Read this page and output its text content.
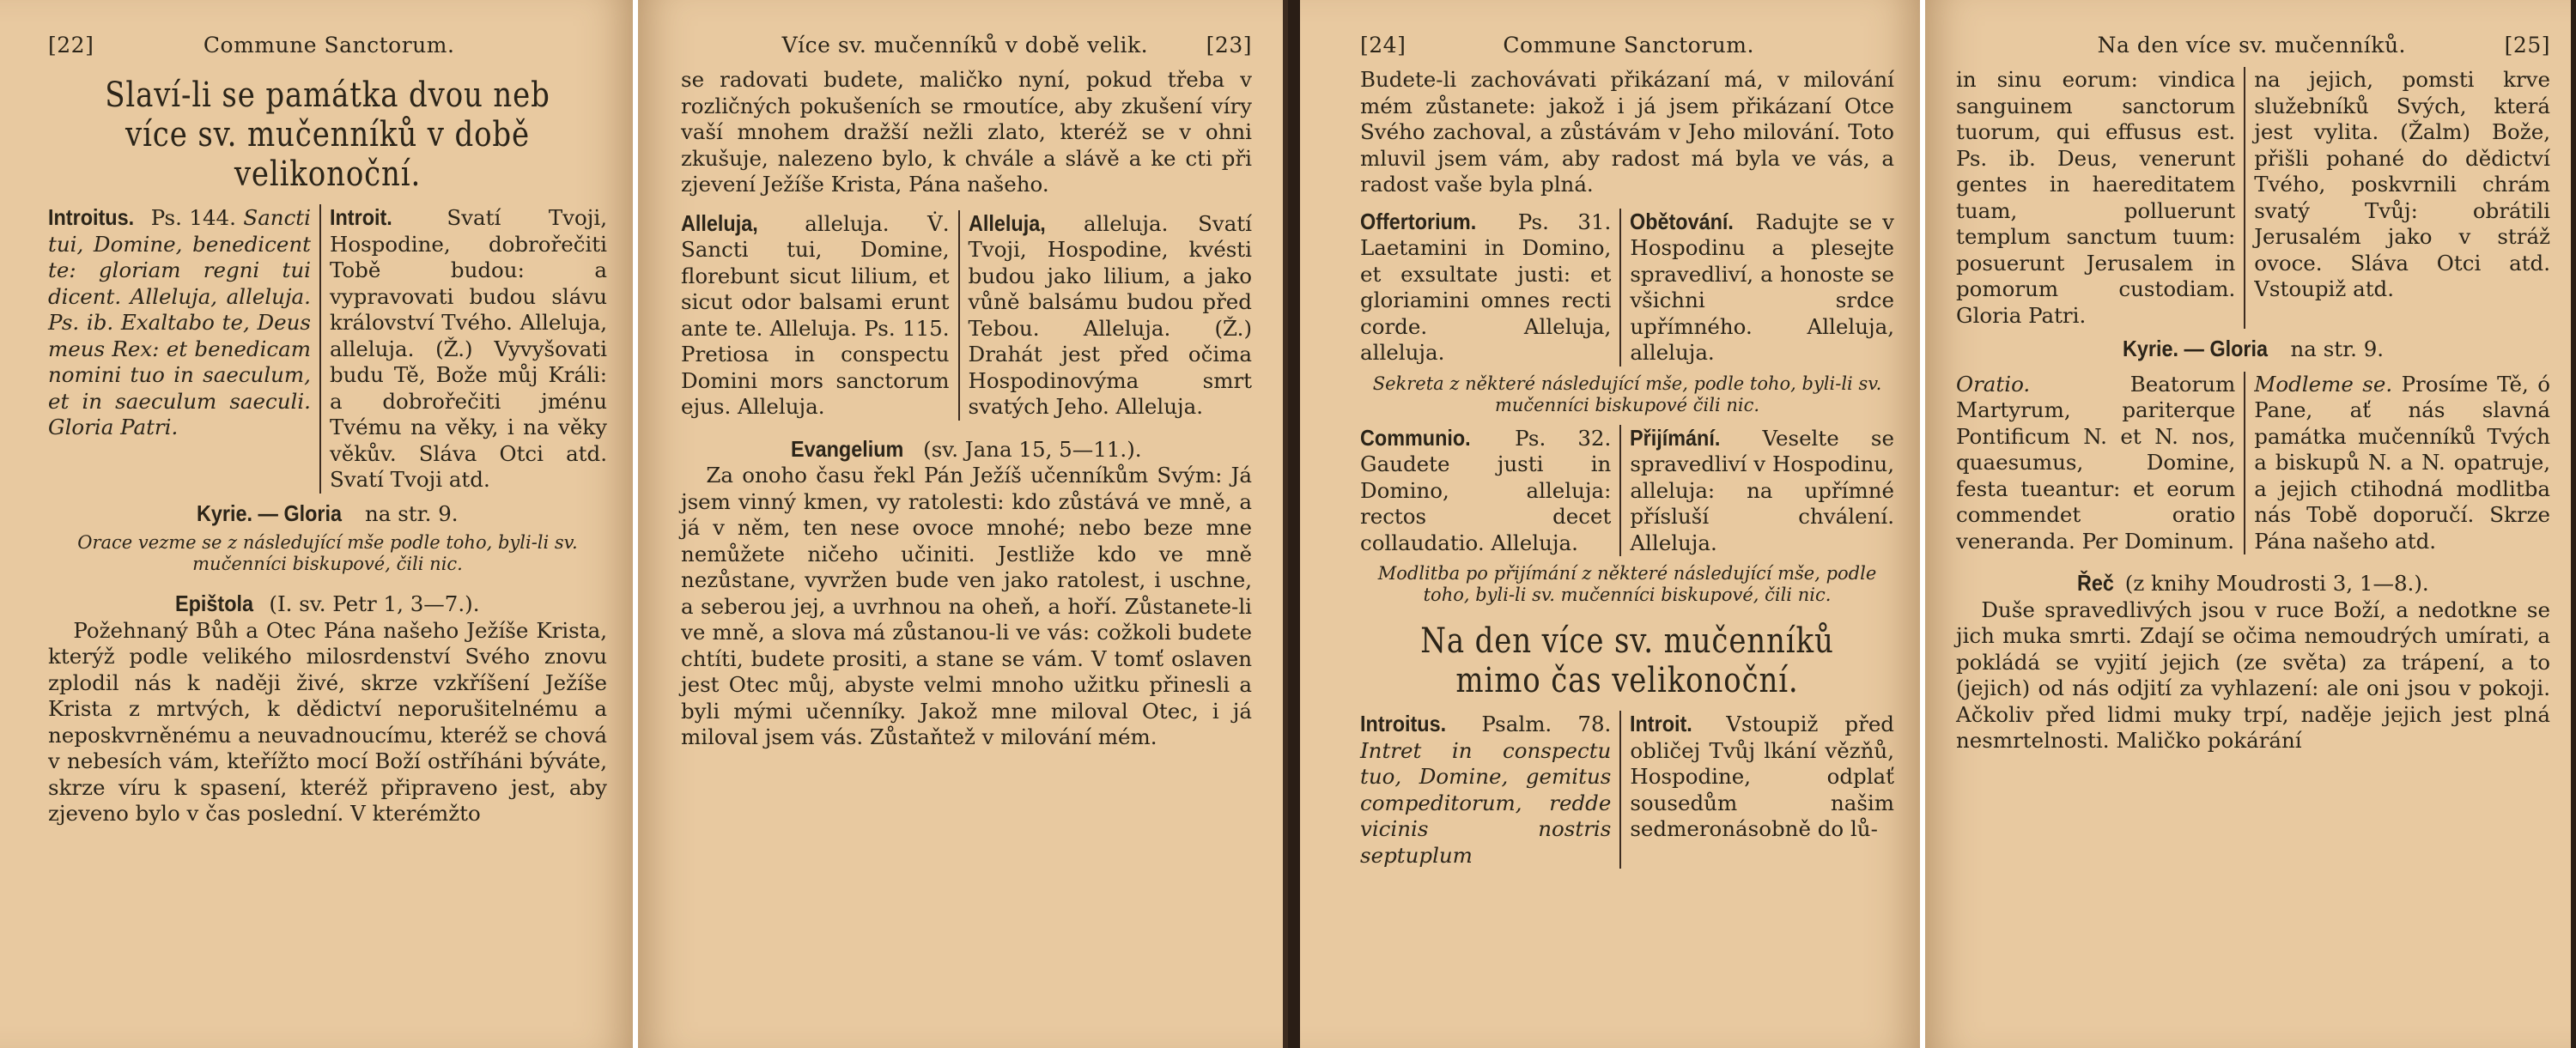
[22]	Commune Sanctorum.
Slaví-li se památka dvou neb více sv. mučenníků v době velikonoční.
Introitus. Ps. 144. Sancti tui, Domine, benedicent te: gloriam regni tui dicent. Alleluja, alleluja. Ps. ib. Exaltabo te, Deus meus Rex: et benedicam nomini tuo in saeculum, et in saeculum saeculi. Gloria Patri.
Introit.	Svatí Tvoji, Hospodine, dobrořečiti Tobě budou: a vypravovati budou slávu království Tvého. Alleluja, alleluja. (Ž.) Vyvyšovati budu Tě, Bože můj Králi: a dobrořečiti jménu Tvému na věky, i na věky věkův. Sláva Otci atd. Svatí Tvoji atd.
Kyrie. — Gloria na str. 9.
Orace vezme se z následující mše podle toho, byli-li sv. mučenníci biskupové, čili nic.
Epištola (I. sv. Petr 1, 3—7.).

Požehnaný Bůh a Otec Pána našeho Ježíše Krista, kterýž podle velikého milosrdenství Svého znovu zplodil nás k naději živé, skrze vzkříšení Ježíše Krista z mrtvých, k dědictví neporušitelnému a neposkvrněnému a neuvadnoucímu, kteréž se chová v nebesích vám, kteřížto mocí Boží ostříháni býváte, skrze víru k spasení, kteréž připraveno jest, aby zjeveno bylo v čas poslední. V kterémžto

Více sv. mučenníků v době velik.	[23]

se radovati budete, maličko nyní, pokud třeba v rozličných pokušeních se rmoutíce, aby zkušení víry vaší mnohem dražší nežli zlato, kteréž se v ohni zkušuje, nalezeno bylo, k chvále a slávě a ke cti při zjevení Ježíše Krista, Pána našeho.

Alleluja, alleluja. V̇. Sancti tui, Domine, florebunt sicut lilium, et sicut odor balsami erunt ante te. Alleluja. Ps. 115. Pretiosa in conspectu Domini mors sanctorum ejus. Alleluja.
Alleluja, alleluja. Svatí Tvoji, Hospodine, kvésti budou jako lilium, a jako vůně balsámu budou před Tebou. Alleluja. (Ž.) Drahát jest před očima Hospodinovýma smrt svatých Jeho. Alleluja.
Evangelium (sv. Jana 15, 5—11.).

Za onoho času řekl Pán Ježíš učenníkům Svým: Já jsem vinný kmen, vy ratolesti: kdo zůstává ve mně, a já v něm, ten nese ovoce mnohé; nebo beze mne nemůžete ničeho učiniti. Jestliže kdo ve mně nezůstane, vyvržen bude ven jako ratolest, i uschne, a seberou jej, a uvrhnou na oheň, a hoří. Zůstanete-li ve mně, a slova má zůstanou-li ve vás: cožkoli budete chtíti, budete prositi, a stane se vám. V tomť oslaven jest Otec můj, abyste velmi mnoho užitku přinesli a byli mými učenníky. Jakož mne miloval Otec, i já miloval jsem vás. Zůstaňtež v milování mém.

[24]	Commune Sanctorum.

Budete-li zachovávati přikázaní má, v milování mém zůstanete: jakož i já jsem přikázaní Otce Svého zachoval, a zůstávám v Jeho milování. Toto mluvil jsem vám, aby radost má byla ve vás, a radost vaše byla plná.

Offertorium. Ps. 31. Laetamini in Domino, et exsultate justi: et gloriamini omnes recti corde. Alleluja, alleluja.
Obětování. Radujte se v Hospodinu a plesejte spravedliví, a honoste se všichni srdce upřímného. Alleluja, alleluja.
Sekreta z některé následující mše, podle toho, byli-li sv. mučenníci biskupové čili nic.
Communio. Ps. 32. Gaudete justi in Domino, alleluja: rectos decet collaudatio. Alleluja.
Přijímání. Veselte se spravedliví v Hospodinu, alleluja: na upřímné přísluší chválení. Alleluja.
Modlitba po přijímání z některé následující mše, podle toho, byli-li sv. mučenníci biskupové, čili nic.
Na den více sv. mučenníků mimo čas velikonoční.
Introitus. Psalm. 78. Intret in conspectu tuo, Domine, gemitus compeditorum, redde vicinis nostris septuplum
Introit. Vstoupiž před obličej Tvůj lkání vězňů, Hospodine, odplať sousedům našim sedmeronásobně do lů-
Na den více sv. mučenníků.	[25]
in sinu eorum: vindica sanguinem sanctorum tuorum, qui effusus est. Ps. ib. Deus, venerunt gentes in haereditatem tuam, polluerunt templum sanctum tuum: posuerunt Jerusalem in pomorum custodiam. Gloria Patri.
na jejich, pomsti krve služebníků Svých, která jest vylita. (Žalm) Bože, přišli pohané do dědictví Tvého, poskvrnili chrám svatý Tvůj: obrátili Jerusalém jako v stráž ovoce. Sláva Otci atd. Vstoupiž atd.
Kyrie. — Gloria na str. 9.
Oratio.	Beatorum Martyrum, pariterque Pontificum N. et N. nos, quaesumus, Domine, festa tueantur: et eorum commendet oratio veneranda. Per Dominum.
Modleme se. Prosíme Tě, ó Pane, ať nás slavná památka mučenníků Tvých a biskupů N. a N. opatruje, a jejich ctihodná modlitba nás Tobě doporučí. Skrze Pána našeho atd.
Řeč (z knihy Moudrosti 3, 1—8.).

Duše spravedlivých jsou v ruce Boží, a nedotkne se jich muka smrti. Zdají se očima nemoudrých umírati, a pokládá se vyjití jejich (ze světa) za trápení, a to (jejich) od nás odjití za vyhlazení: ale oni jsou v pokoji. Ačkoliv před lidmi muky trpí, naděje jejich jest plná nesmrtelnosti. Maličko pokárání
